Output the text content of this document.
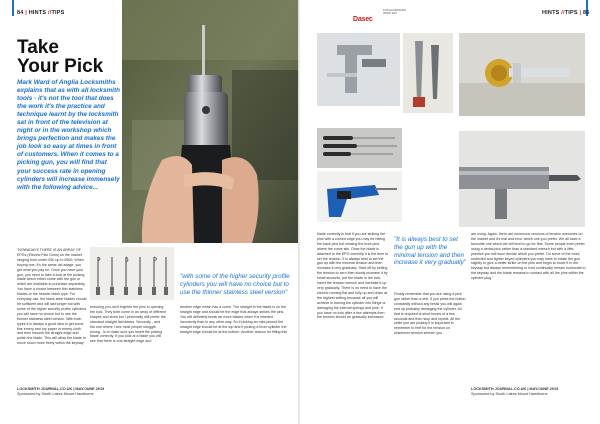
84 | HINTS //TIPS
Take
Your Pick
Mark Ward of Anglia Locksmiths explains that as with all locksmith tools - it's not the tool that does the work it's the practice and technique learnt by the locksmith sat in front of the television at night or in the workshop which brings perfection and makes the job look so easy at times in front of customers. When it comes to a picking gun, you will find that your success rate in opening cylinders will increase immensely with the following advice...
"NOWADAYS THERE IS AN ARRAY OF EPGs (Electric Pick Guns) on the market ranging from under £50 up to £500. When buying one, it's the same old adage, you get what you pay for. Once you have your gun, you need to take a look at the picking blade which either come with the gun or which are available to purchase separately. You have a choice between thin stainless blades or the heavier black type. For everyday use, the black steel blades should be sufficient and will last longer but with some of the higher security profile cylinders you will have no choice but to use the thinner stainless steel version. With both types it is always a good idea to get some fine emery and dry paper or emery cloth and then smooth the straight edge and polish the blade. This will allow the blade to move much more freely within the keyway
ensuring you don't frighten the pins in opening the lock. They both come in an array of different shapes and sizes but I personally still prefer the standard straight flat blades. Secondly - and the one where I see most people struggle wrong - is to make sure you insert the picking blade correctly. If you look at a blade you will see that there is one straight edge and
"with some of the higher security profile cylinders you will have no choice but to use the thinner stainless steel version"
another edge which has a curve. The straight in the blade is on the straight edge and should be the edge that always strikes the pins. You will definitely break far more blades when it is inserted incorrectly than in any other way. So if picking an mini-pinned the straight edge should be at the top and if picking a lever cylinder the straight edge should be at the bottom. Another reason for fitting this
LOCKSMITH JOURNAL.CO.UK | MAY/JUNE 2019
Sponsored by South Lakes Mount Hawthorne
HINTS //TIPS | 85
Dasec
PUSH FORWARD OPEN KEY
blade correctly is that if you are striking the pins with a curved edge you may be hitting the back pins but missing the front pins where the curve sits. Once the blade is attached to the EPG correctly it is the time to set the tension. It is always best to set the gun up with the minimal tension and then increase it very gradually. Start off by setting the tension to zero then slowly increase it by small amounts, put the blade in the lock, insert the tension wrench and increase it up very gradually. There is no need to have the electric running flat and fully up and down at the highest setting because all you will achieve is turning the cylinder into filings or damaging the internal springs and pins. If you have no luck after a few attempts then the tension should be gradually increased.
"It is always best to set the gun up with the minimal tension and then increase it very gradually"
Finally remember that you are using a pick gun rather than a drill. If you press the button constantly without any break you will again end up probably damaging the cylinder. All that is required is short bursts of a few seconds and then stop and repeat. All the while you are picking it is important to remember to feel for the tension on whichever tension wrench you
are using. Again, there are numerous versions of tension wrenches on the market and it's trial and error which one you prefer. We all have a favourite one which we will tend to go for first. Some people even prefer using a dental pick rather than a standard wrench but with a little practice you will soon decide which you prefer. On some of the more restricted and tighter keyed cylinders you may have to rotate the gun slightly to give a better strike on the pins and begin to move it in the keyway but always remembering to hold continually remain horizontal to the keyway and the blade remains in contact with all the pins within the cylinder plug."
LOCKSMITH JOURNAL.CO.UK | MAY/JUNE 2019
Sponsored by South Lakes Mount Hawthorne
